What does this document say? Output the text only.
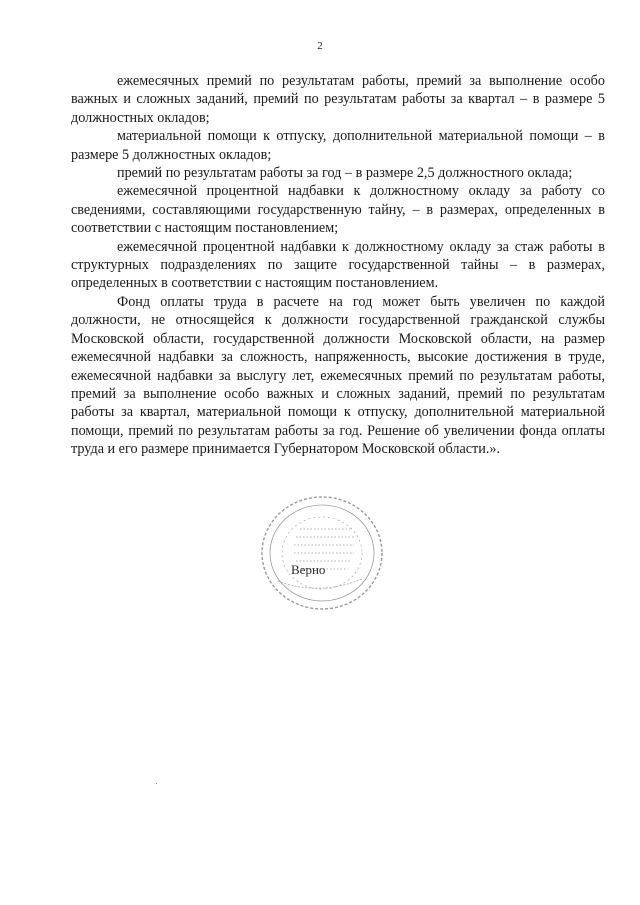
2

ежемесячных премий по результатам работы, премий за выполнение особо важных и сложных заданий, премий по результатам работы за квартал – в размере 5 должностных окладов;

материальной помощи к отпуску, дополнительной материальной помощи – в размере 5 должностных окладов;

премий по результатам работы за год – в размере 2,5 должностного оклада;

ежемесячной процентной надбавки к должностному окладу за работу со сведениями, составляющими государственную тайну, – в размерах, определенных в соответствии с настоящим постановлением;

ежемесячной процентной надбавки к должностному окладу за стаж работы в структурных подразделениях по защите государственной тайны – в размерах, определенных в соответствии с настоящим постановлением.

Фонд оплаты труда в расчете на год может быть увеличен по каждой должности, не относящейся к должности государственной гражданской службы Московской области, государственной должности Московской области, на размер ежемесячной надбавки за сложность, напряженность, высокие достижения в труде, ежемесячной надбавки за выслугу лет, ежемесячных премий по результатам работы, премий за выполнение особо важных и сложных заданий, премий по результатам работы за квартал, материальной помощи к отпуску, дополнительной материальной помощи, премий по результатам работы за год. Решение об увеличении фонда оплаты труда и его размере принимается Губернатором Московской области.».

Верно
